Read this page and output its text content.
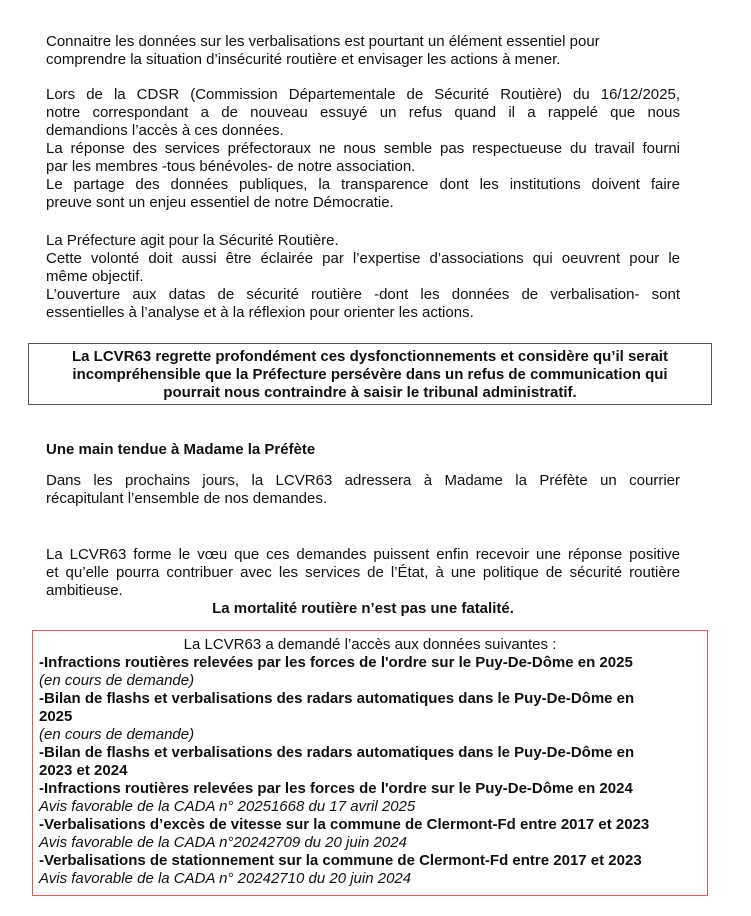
Connaitre les données sur les verbalisations est pourtant un élément essentiel pour
comprendre la situation d’insécurité routière et envisager les actions à mener.
Lors de la CDSR (Commission Départementale de Sécurité Routière) du 16/12/2025,
notre correspondant a de nouveau essuyé un refus quand il a rappelé que nous
demandions l’accès à ces données.
La réponse des services préfectoraux ne nous semble pas respectueuse du travail fourni
par les membres -tous bénévoles- de notre association.
Le partage des données publiques, la transparence dont les institutions doivent faire
preuve sont un enjeu essentiel de notre Démocratie.
La Préfecture agit pour la Sécurité Routière.
Cette volonté doit aussi être éclairée par l’expertise d’associations qui oeuvrent pour le
même objectif.
L’ouverture aux datas de sécurité routière -dont les données de verbalisation- sont
essentielles à l’analyse et à la réflexion pour orienter les actions.
La LCVR63 regrette profondément ces dysfonctionnements et considère qu’il serait
incompréhensible que la Préfecture persévère dans un refus de communication qui
pourrait nous contraindre à saisir le tribunal administratif.
Une main tendue à Madame la Préfète
Dans les prochains jours, la LCVR63 adressera à Madame la Préfète un courrier
récapitulant l’ensemble de nos demandes.
La LCVR63 forme le vœu que ces demandes puissent enfin recevoir une réponse positive
et qu’elle pourra contribuer avec les services de l’État, à une politique de sécurité routière
ambitieuse.
La mortalité routière n’est pas une fatalité.
La LCVR63 a demandé l’accès aux données suivantes :
-Infractions routières relevées par les forces de l'ordre sur le Puy-De-Dôme en 2025
(en cours de demande)
-Bilan de flashs et verbalisations des radars automatiques dans le Puy-De-Dôme en
2025
(en cours de demande)
-Bilan de flashs et verbalisations des radars automatiques dans le Puy-De-Dôme en
2023 et 2024
-Infractions routières relevées par les forces de l'ordre sur le Puy-De-Dôme en 2024
Avis favorable de la CADA n° 20251668 du 17 avril 2025
-Verbalisations d’excès de vitesse sur la commune de Clermont-Fd entre 2017 et 2023
Avis favorable de la CADA n°20242709 du 20 juin 2024
-Verbalisations de stationnement sur la commune de Clermont-Fd entre 2017 et 2023
Avis favorable de la CADA n° 20242710 du 20 juin 2024
